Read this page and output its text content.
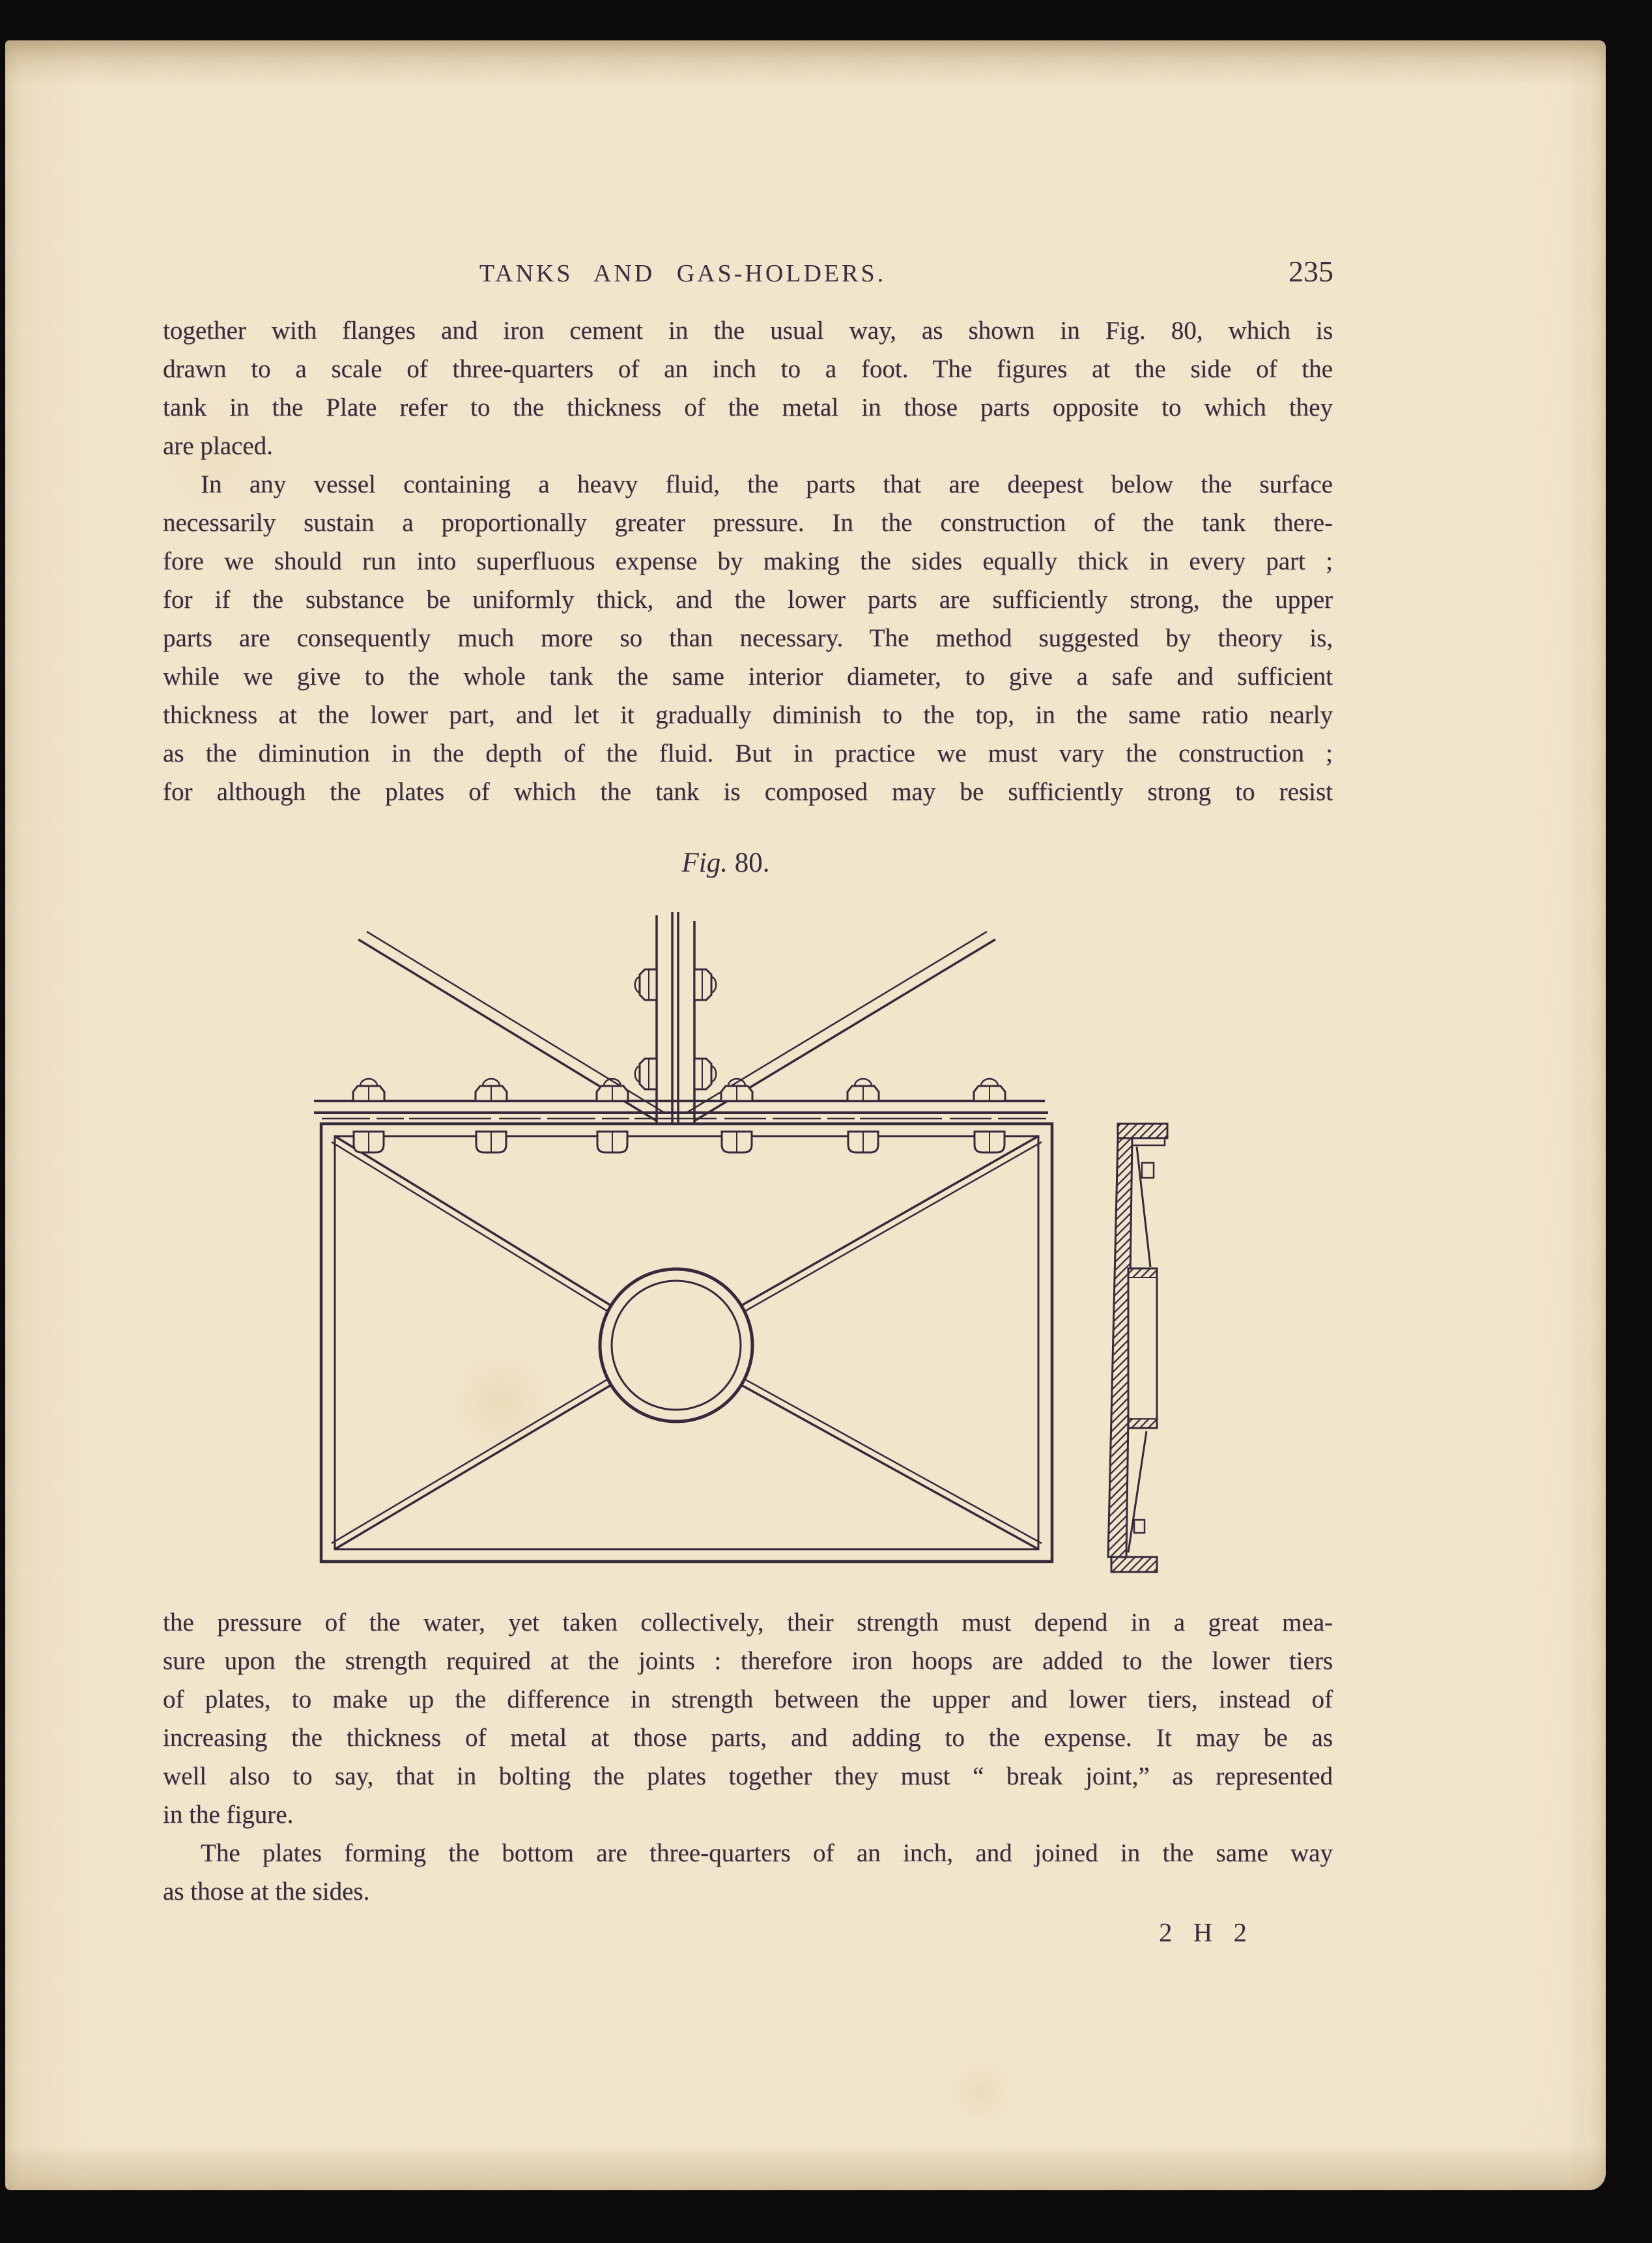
TANKS AND GAS-HOLDERS.	235
together with flanges and iron cement in the usual way, as shown in Fig. 80, which is
drawn to a scale of three-quarters of an inch to a foot. The figures at the side of the
tank in the Plate refer to the thickness of the metal in those parts opposite to which they
are placed.
In any vessel containing a heavy fluid, the parts that are deepest below the surface
necessarily sustain a proportionally greater pressure. In the construction of the tank there-
fore we should run into superfluous expense by making the sides equally thick in every part ;
for if the substance be uniformly thick, and the lower parts are sufficiently strong, the upper
parts are consequently much more so than necessary. The method suggested by theory is,
while we give to the whole tank the same interior diameter, to give a safe and sufficient
thickness at the lower part, and let it gradually diminish to the top, in the same ratio nearly
as the diminution in the depth of the fluid. But in practice we must vary the construction ;
for although the plates of which the tank is composed may be sufficiently strong to resist
Fig. 80.
the pressure of the water, yet taken collectively, their strength must depend in a great mea-
sure upon the strength required at the joints : therefore iron hoops are added to the lower tiers
of plates, to make up the difference in strength between the upper and lower tiers, instead of
increasing the thickness of metal at those parts, and adding to the expense. It may be as
well also to say, that in bolting the plates together they must “ break joint,” as represented
in the figure.
The plates forming the bottom are three-quarters of an inch, and joined in the same way
as those at the sides.
2 H 2
